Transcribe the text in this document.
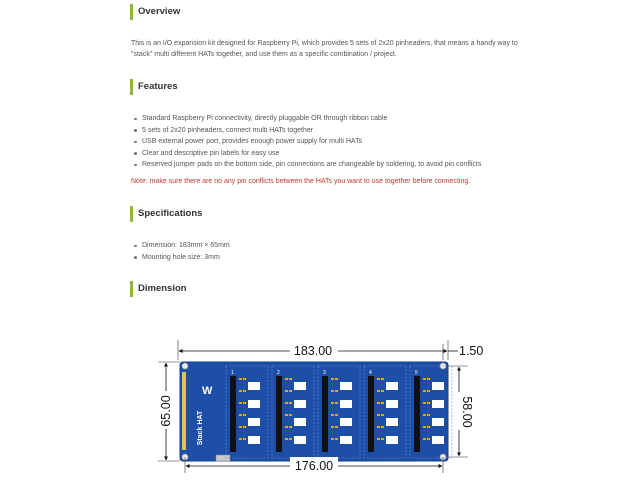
Overview
This is an I/O expansion kit designed for Raspberry Pi, which provides 5 sets of 2x20 pinheaders, that means a handy way to "stack" multi different HATs together, and use them as a specific combination / project.
Features
Standard Raspberry Pi connectivity, directly pluggable OR through ribbon cable
5 sets of 2x20 pinheaders, connect multi HATs together
USB external power port, provides enough power supply for multi HATs
Clear and descriptive pin labels for easy use
Reserved jumper pads on the bottom side, pin connections are changeable by soldering, to avoid pin conflicts
Note: make sure there are no any pin conflicts between the HATs you want to use together before connecting.
Specifications
Dimension: 183mm × 65mm
Mounting hole size: 3mm
Dimension
183.00	1.50
65.00	58.00
W
Stack HAT
1	2	3	4	5
176.00
